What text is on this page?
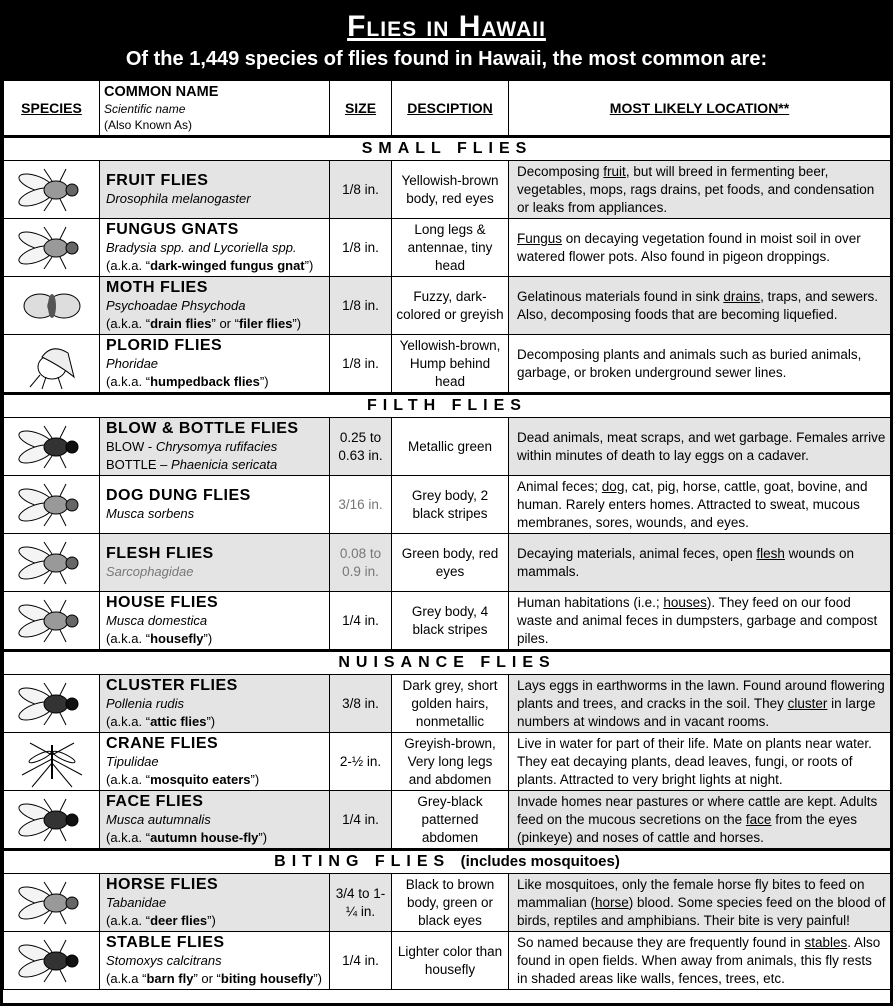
Flies in Hawaii
Of the 1,449 species of flies found in Hawaii, the most common are:
SPECIES	COMMON NAME
Scientific name
(Also Known As)	SIZE	DESCIPTION	MOST LIKELY LOCATION**
SMALL FLIES				

FRUIT FLIES
Drosophila melanogaster	1/8 in.	Yellowish-brown body, red eyes	Decomposing fruit, but will breed in fermenting beer, vegetables, mops, rags drains, pet foods, and condensation or leaks from appliances.

FUNGUS GNATS
Bradysia spp. and Lycoriella spp.
(a.k.a. “dark-winged fungus gnat”)	1/8 in.	Long legs & antennae, tiny head	Fungus on decaying vegetation found in moist soil in over watered flower pots. Also found in pigeon droppings.

MOTH FLIES
Psychoadae Phsychoda
(a.k.a. “drain flies” or “filer flies”)	1/8 in.	Fuzzy, dark-colored or greyish	Gelatinous materials found in sink drains, traps, and sewers. Also, decomposing foods that are becoming liquefied.

PLORID FLIES
Phoridae
(a.k.a. “humpedback flies”)	1/8 in.	Yellowish-brown, Hump behind head	Decomposing plants and animals such as buried animals, garbage, or broken underground sewer lines.
FILTH FLIES				

BLOW & BOTTLE FLIES
BLOW - Chrysomya rufifacies
BOTTLE – Phaenicia sericata	0.25 to 0.63 in.	Metallic green	Dead animals, meat scraps, and wet garbage. Females arrive within minutes of death to lay eggs on a cadaver.

DOG DUNG FLIES
Musca sorbens	3/16 in.	Grey body, 2 black stripes	Animal feces; dog, cat, pig, horse, cattle, goat, bovine, and human. Rarely enters homes. Attracted to sweat, mucous membranes, sores, wounds, and eyes.

FLESH FLIES
Sarcophagidae	0.08 to 0.9 in.	Green body, red eyes	Decaying materials, animal feces, open flesh wounds on mammals.

HOUSE FLIES
Musca domestica
(a.k.a. “housefly”)	1/4 in.	Grey body, 4 black stripes	Human habitations (i.e.; houses). They feed on our food waste and animal feces in dumpsters, garbage and compost piles.
NUISANCE FLIES				

CLUSTER FLIES
Pollenia rudis
(a.k.a. “attic flies”)	3/8 in.	Dark grey, short golden hairs, nonmetallic	Lays eggs in earthworms in the lawn. Found around flowering plants and trees, and cracks in the soil. They cluster in large numbers at windows and in vacant rooms.

CRANE FLIES
Tipulidae
(a.k.a. “mosquito eaters”)	2-½ in.	Greyish-brown, Very long legs and abdomen	Live in water for part of their life. Mate on plants near water. They eat decaying plants, dead leaves, fungi, or roots of plants. Attracted to very bright lights at night.

FACE FLIES
Musca autumnalis
(a.k.a. “autumn house-fly”)	1/4 in.	Grey-black patterned abdomen	Invade homes near pastures or where cattle are kept. Adults feed on the mucous secretions on the face from the eyes (pinkeye) and noses of cattle and horses.
BITING FLIES (includes mosquitoes)				

HORSE FLIES
Tabanidae
(a.k.a. “deer flies”)	3/4 to 1-¼ in.	Black to brown body, green or black eyes	Like mosquitoes, only the female horse fly bites to feed on mammalian (horse) blood. Some species feed on the blood of birds, reptiles and amphibians. Their bite is very painful!

STABLE FLIES
Stomoxys calcitrans
(a.k.a “barn fly” or “biting housefly”)	1/4 in.	Lighter color than housefly	So named because they are frequently found in stables. Also found in open fields. When away from animals, this fly rests in shaded areas like walls, fences, trees, etc.
